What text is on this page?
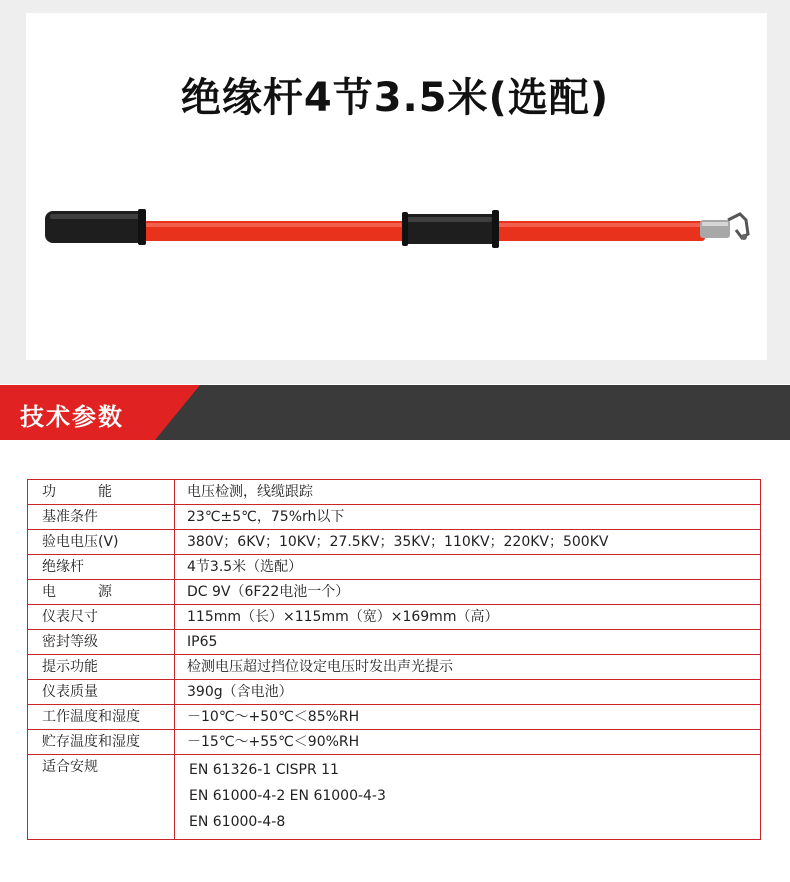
绝缘杆4节3.5米(选配)
技术参数
功　能	电压检测，线缆跟踪
基准条件	23℃±5℃，75%rh以下
验电电压(V)	380V；6KV；10KV；27.5KV；35KV；110KV；220KV；500KV
绝缘杆	4节3.5米（选配）
电　源	DC 9V（6F22电池一个）
仪表尺寸	115mm（长）×115mm（宽）×169mm（高）
密封等级	IP65
提示功能	检测电压超过挡位设定电压时发出声光提示
仪表质量	390g（含电池）
工作温度和湿度	－10℃～+50℃＜85%RH
贮存温度和湿度	－15℃～+55℃＜90%RH
适合安规	EN 61326-1 CISPR 11
EN 61000-4-2 EN 61000-4-3
EN 61000-4-8
